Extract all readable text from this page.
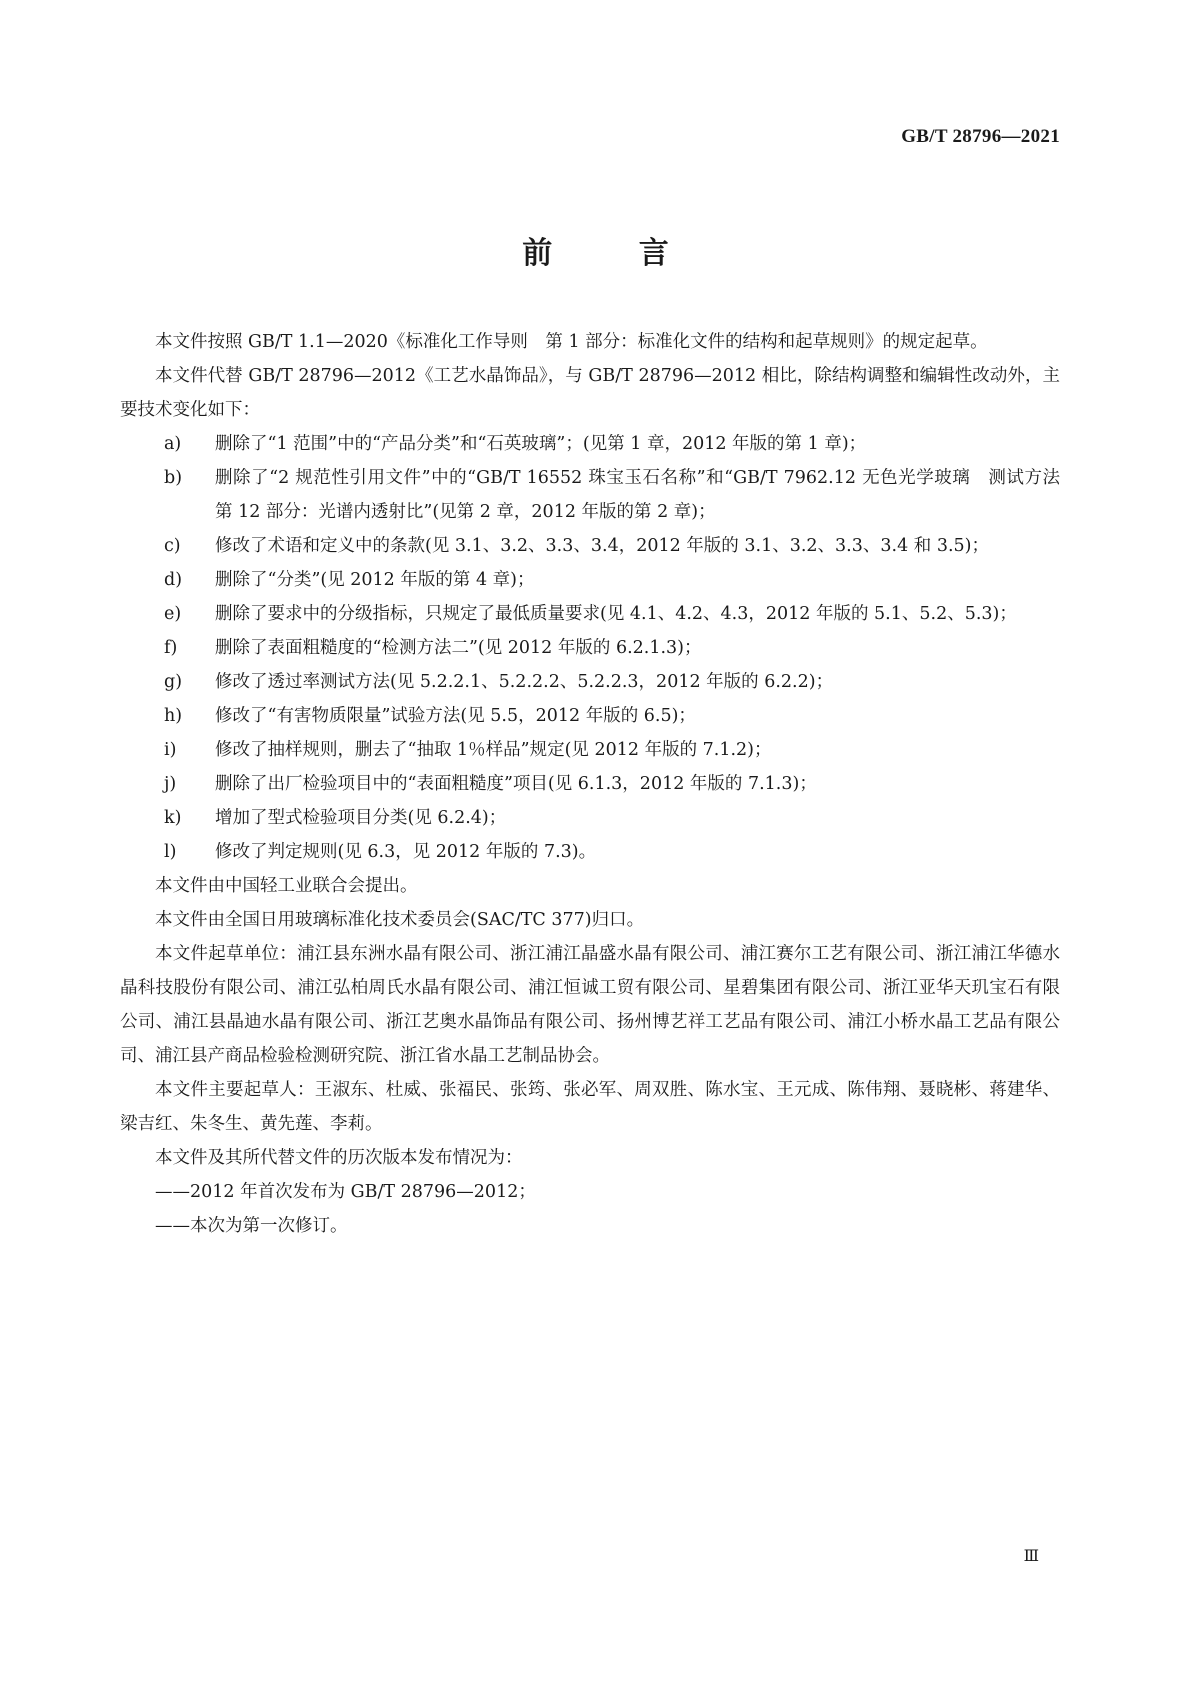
GB/T 28796—2021
前 言

本文件按照 GB/T 1.1—2020《标准化工作导则　第 1 部分：标准化文件的结构和起草规则》的规定起草。

本文件代替 GB/T 28796—2012《工艺水晶饰品》，与 GB/T 28796—2012 相比，除结构调整和编辑性改动外，主要技术变化如下：

a) 删除了“1 范围”中的“产品分类”和“石英玻璃”；(见第 1 章，2012 年版的第 1 章)；
b) 删除了“2 规范性引用文件”中的“GB/T 16552 珠宝玉石名称”和“GB/T 7962.12 无色光学玻璃　测试方法　第 12 部分：光谱内透射比”(见第 2 章，2012 年版的第 2 章)；
c) 修改了术语和定义中的条款(见 3.1、3.2、3.3、3.4，2012 年版的 3.1、3.2、3.3、3.4 和 3.5)；
d) 删除了“分类”(见 2012 年版的第 4 章)；
e) 删除了要求中的分级指标，只规定了最低质量要求(见 4.1、4.2、4.3，2012 年版的 5.1、5.2、5.3)；
f) 删除了表面粗糙度的“检测方法二”(见 2012 年版的 6.2.1.3)；
g) 修改了透过率测试方法(见 5.2.2.1、5.2.2.2、5.2.2.3，2012 年版的 6.2.2)；
h) 修改了“有害物质限量”试验方法(见 5.5，2012 年版的 6.5)；
i) 修改了抽样规则，删去了“抽取 1％样品”规定(见 2012 年版的 7.1.2)；
j) 删除了出厂检验项目中的“表面粗糙度”项目(见 6.1.3，2012 年版的 7.1.3)；
k) 增加了型式检验项目分类(见 6.2.4)；
l) 修改了判定规则(见 6.3，见 2012 年版的 7.3)。

本文件由中国轻工业联合会提出。

本文件由全国日用玻璃标准化技术委员会(SAC/TC 377)归口。

本文件起草单位：浦江县东洲水晶有限公司、浙江浦江晶盛水晶有限公司、浦江赛尔工艺有限公司、浙江浦江华德水晶科技股份有限公司、浦江弘柏周氏水晶有限公司、浦江恒诚工贸有限公司、星碧集团有限公司、浙江亚华天玑宝石有限公司、浦江县晶迪水晶有限公司、浙江艺奥水晶饰品有限公司、扬州博艺祥工艺品有限公司、浦江小桥水晶工艺品有限公司、浦江县产商品检验检测研究院、浙江省水晶工艺制品协会。

本文件主要起草人：王淑东、杜威、张福民、张筠、张必军、周双胜、陈水宝、王元成、陈伟翔、聂晓彬、蒋建华、梁吉红、朱冬生、黄先莲、李莉。

本文件及其所代替文件的历次版本发布情况为：

——2012 年首次发布为 GB/T 28796—2012；

——本次为第一次修订。

Ⅲ
